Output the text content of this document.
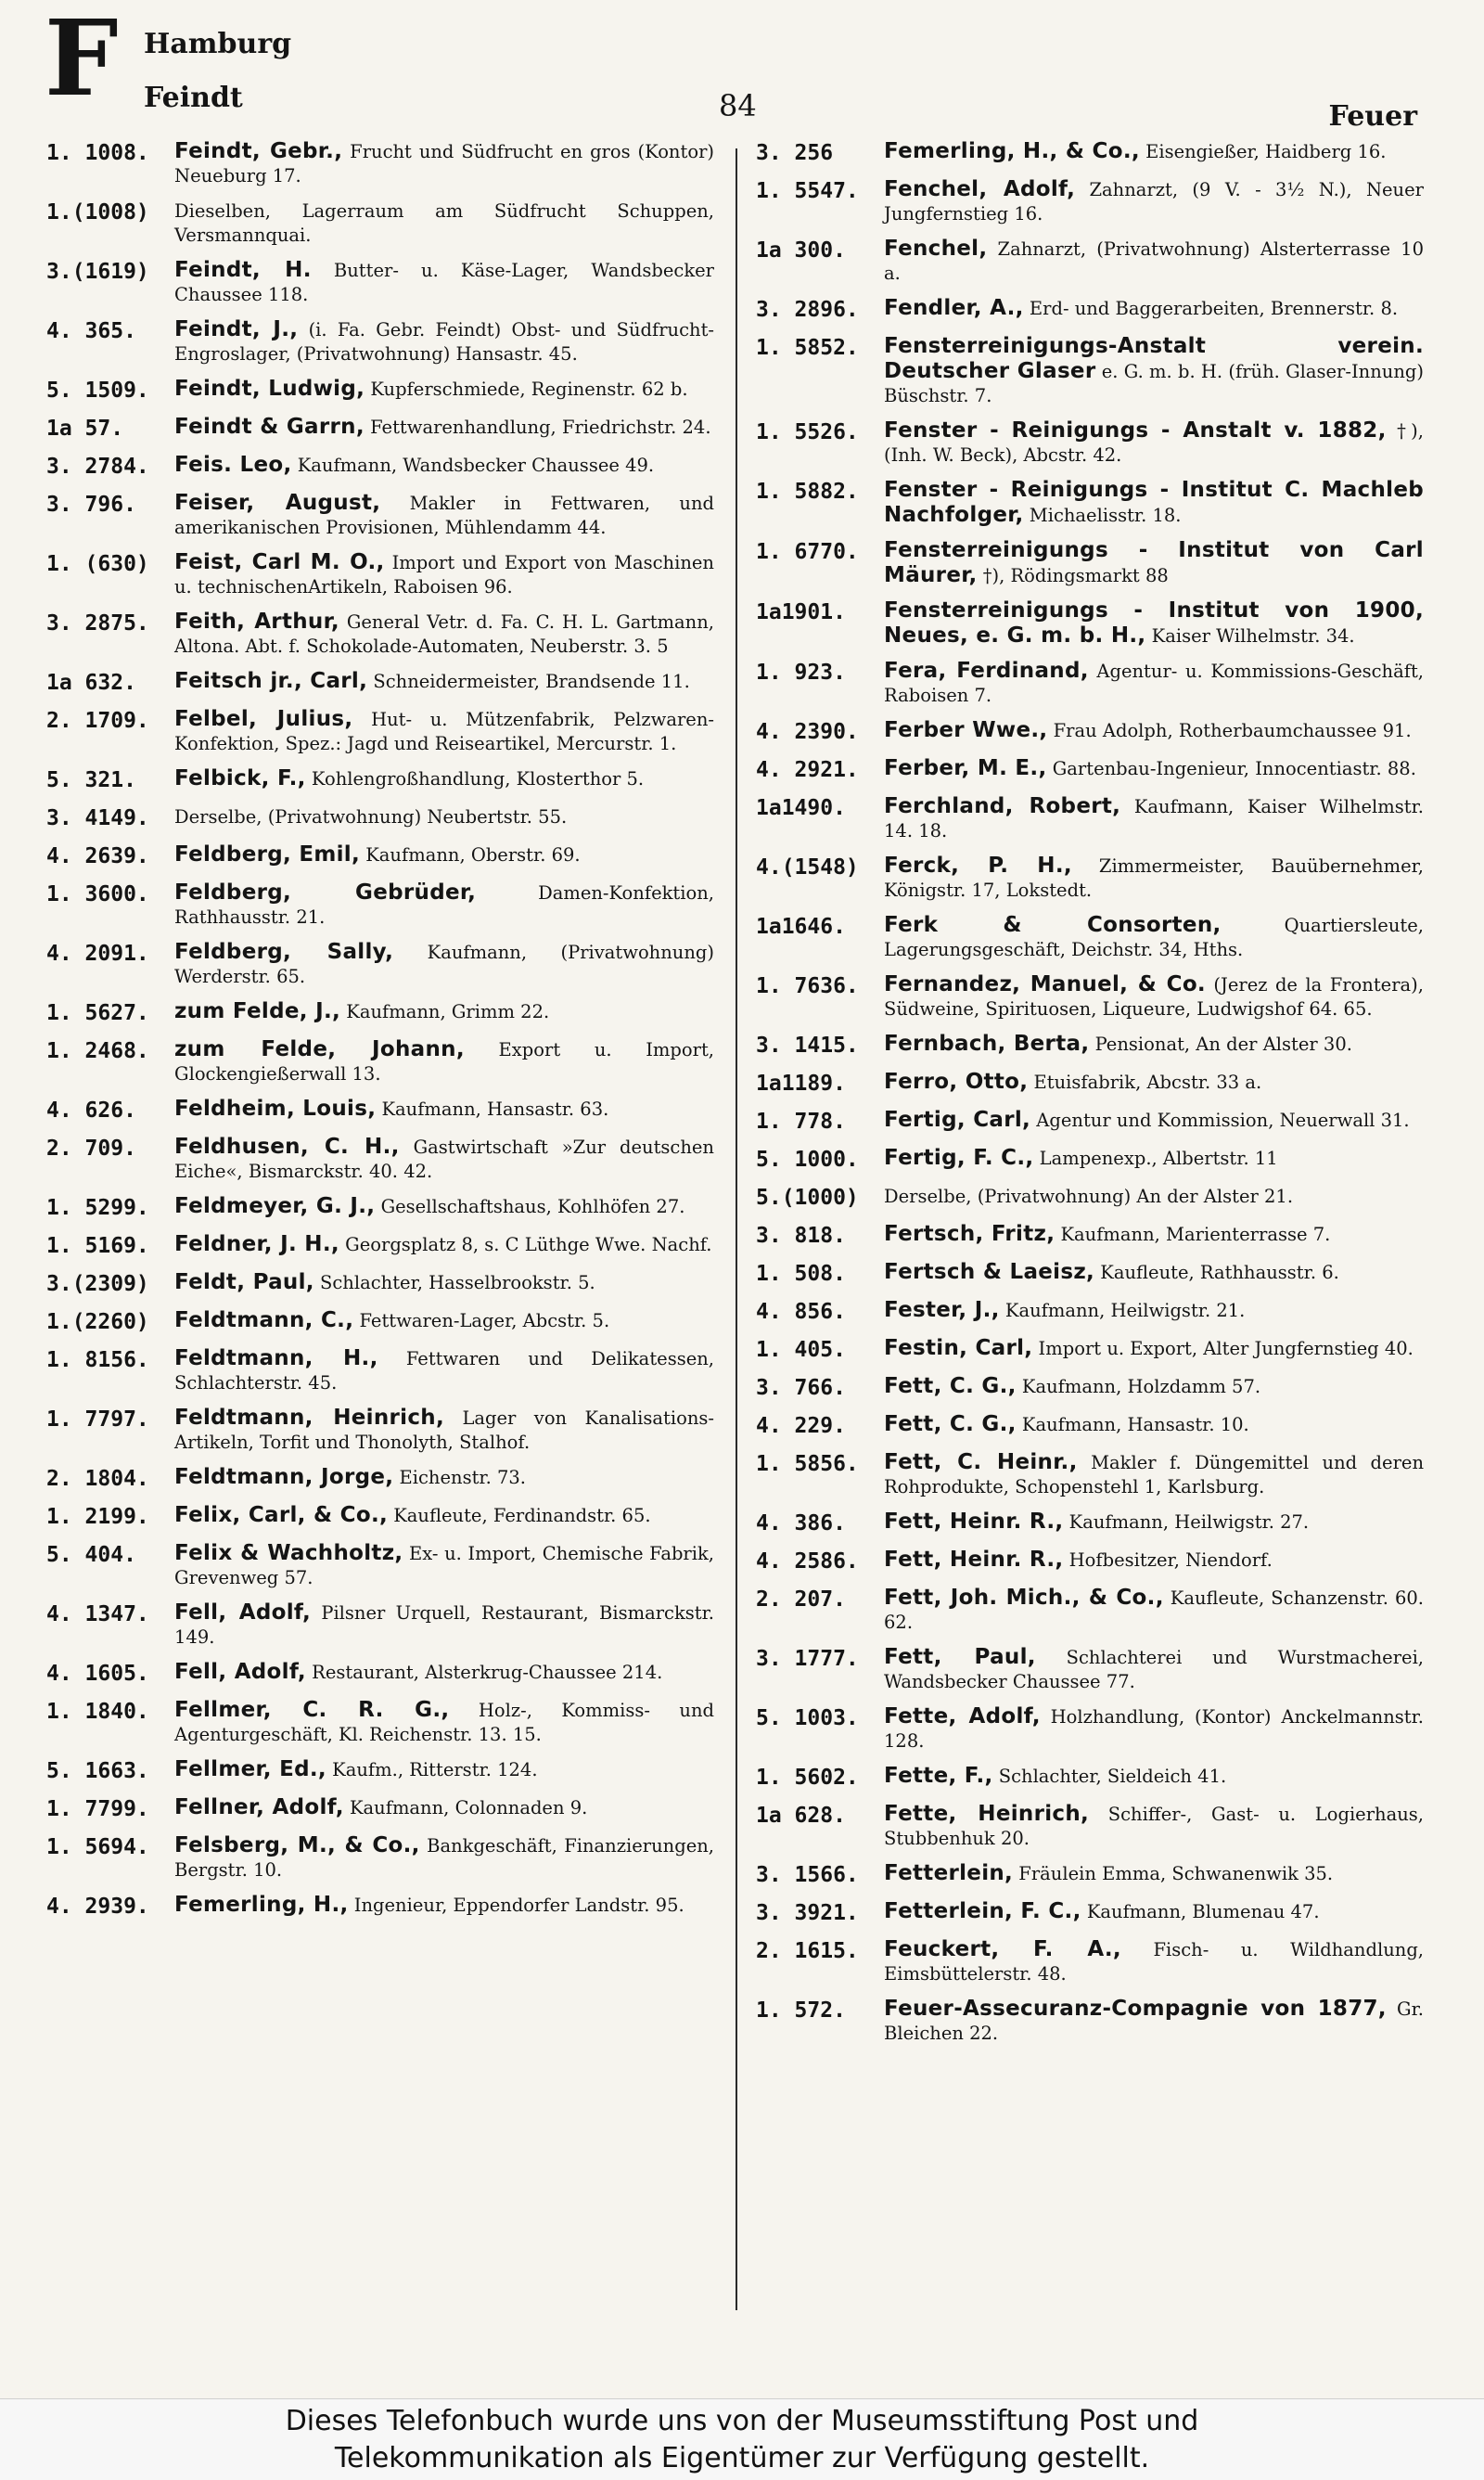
F Hamburg
Feindt	84	Feuer
1. 1008.	Feindt, Gebr., Frucht und Südfrucht en gros (Kontor) Neueburg 17.
1.(1008)	Dieselben, Lagerraum am Südfrucht Schuppen, Versmannquai.
3.(1619)	Feindt, H. Butter- u. Käse-Lager, Wandsbecker Chaussee 118.
4. 365.	Feindt, J., (i. Fa. Gebr. Feindt) Obst- und Südfrucht-Engroslager, (Privatwohnung) Hansastr. 45.
5. 1509.	Feindt, Ludwig, Kupferschmiede, Reginenstr. 62 b.
1a 57.	Feindt & Garrn, Fettwarenhandlung, Friedrichstr. 24.
3. 2784.	Feis. Leo, Kaufmann, Wandsbecker Chaussee 49.
3. 796.	Feiser, August, Makler in Fettwaren, und amerikanischen Provisionen, Mühlendamm 44.
1. (630)	Feist, Carl M. O., Import und Export von Maschinen u. technischenArtikeln, Raboisen 96.
3. 2875.	Feith, Arthur, General Vetr. d. Fa. C. H. L. Gartmann, Altona. Abt. f. Schokolade-Automaten, Neuberstr. 3. 5
1a 632.	Feitsch jr., Carl, Schneidermeister, Brandsende 11.
2. 1709.	Felbel, Julius, Hut- u. Mützenfabrik, Pelzwaren-Konfektion, Spez.: Jagd und Reiseartikel, Mercurstr. 1.
5. 321.	Felbick, F., Kohlengroßhandlung, Klosterthor 5.
3. 4149.	Derselbe, (Privatwohnung) Neubertstr. 55.
4. 2639.	Feldberg, Emil, Kaufmann, Oberstr. 69.
1. 3600.	Feldberg, Gebrüder,	Damen-Konfektion, Rathhausstr. 21.
4. 2091.	Feldberg, Sally, Kaufmann, (Privatwohnung) Werderstr. 65.
1. 5627.	zum Felde, J., Kaufmann, Grimm 22.
1. 2468.	zum Felde, Johann, Export u. Import, Glockengießerwall 13.
4. 626.	Feldheim, Louis, Kaufmann, Hansastr. 63.
2. 709.	Feldhusen, C. H., Gastwirtschaft »Zur deutschen Eiche«, Bismarckstr. 40. 42.
1. 5299.	Feldmeyer, G. J., Gesellschaftshaus, Kohlhöfen 27.
1. 5169.	Feldner, J. H., Georgsplatz 8, s. C Lüthge Wwe. Nachf.
3.(2309)	Feldt, Paul, Schlachter, Hasselbrookstr. 5.
1.(2260)	Feldtmann, C., Fettwaren-Lager, Abcstr. 5.
1. 8156.	Feldtmann, H., Fettwaren und Delikatessen, Schlachterstr. 45.
1. 7797.	Feldtmann, Heinrich, Lager von Kanalisations-Artikeln, Torfit und Thonolyth, Stalhof.
2. 1804.	Feldtmann, Jorge, Eichenstr. 73.
1. 2199.	Felix, Carl, & Co., Kaufleute, Ferdinandstr. 65.
5. 404.	Felix & Wachholtz, Ex- u. Import, Chemische Fabrik, Grevenweg 57.
4. 1347.	Fell, Adolf, Pilsner Urquell, Restaurant, Bismarckstr. 149.
4. 1605.	Fell, Adolf, Restaurant, Alsterkrug-Chaussee 214.
1. 1840.	Fellmer, C. R. G., Holz-, Kommiss- und Agenturgeschäft, Kl. Reichenstr. 13. 15.
5. 1663.	Fellmer, Ed., Kaufm., Ritterstr. 124.
1. 7799.	Fellner, Adolf, Kaufmann, Colonnaden 9.
1. 5694.	Felsberg, M., & Co., Bankgeschäft, Finanzierungen, Bergstr. 10.
4. 2939.	Femerling, H., Ingenieur, Eppendorfer Landstr. 95.
3. 256	Femerling, H., & Co., Eisengießer, Haidberg 16.
1. 5547.	Fenchel, Adolf, Zahnarzt, (9 V. - 3½ N.), Neuer Jungfernstieg 16.
1a 300.	Fenchel, Zahnarzt, (Privatwohnung) Alsterterrasse 10 a.
3. 2896.	Fendler, A., Erd- und Baggerarbeiten, Brennerstr. 8.
1. 5852.	Fensterreinigungs-Anstalt verein. Deutscher Glaser e. G. m. b. H. (früh. Glaser-Innung) Büschstr. 7.
1. 5526.	Fenster - Reinigungs - Anstalt v. 1882, †), (Inh. W. Beck), Abcstr. 42.
1. 5882.	Fenster - Reinigungs - Institut C. Machleb Nachfolger, Michaelisstr. 18.
1. 6770.	Fensterreinigungs - Institut von Carl Mäurer, †), Rödingsmarkt 88
1a1901.	Fensterreinigungs - Institut von 1900, Neues, e. G. m. b. H., Kaiser Wilhelmstr. 34.
1. 923.	Fera, Ferdinand, Agentur- u. Kommissions-Geschäft, Raboisen 7.
4. 2390.	Ferber Wwe., Frau Adolph, Rotherbaumchaussee 91.
4. 2921.	Ferber, M. E., Gartenbau-Ingenieur, Innocentiastr. 88.
1a1490.	Ferchland, Robert, Kaufmann, Kaiser Wilhelmstr. 14. 18.
4.(1548)	Ferck, P. H., Zimmermeister, Bauübernehmer, Königstr. 17, Lokstedt.
1a1646.	Ferk & Consorten,	Quartiersleute, Lagerungsgeschäft, Deichstr. 34, Hths.
1. 7636.	Fernandez, Manuel, & Co. (Jerez de la Frontera), Südweine, Spirituosen, Liqueure, Ludwigshof 64. 65.
3. 1415.	Fernbach, Berta, Pensionat, An der Alster 30.
1a1189.	Ferro, Otto, Etuisfabrik, Abcstr. 33 a.
1. 778.	Fertig, Carl, Agentur und Kommission, Neuerwall 31.
5. 1000.	Fertig, F. C., Lampenexp., Albertstr. 11
5.(1000)	Derselbe, (Privatwohnung) An der Alster 21.
3. 818.	Fertsch, Fritz, Kaufmann, Marienterrasse 7.
1. 508.	Fertsch & Laeisz, Kaufleute, Rathhausstr. 6.
4. 856.	Fester, J., Kaufmann, Heilwigstr. 21.
1. 405.	Festin, Carl, Import u. Export, Alter Jungfernstieg 40.
3. 766.	Fett, C. G., Kaufmann, Holzdamm 57.
4. 229.	Fett, C. G., Kaufmann, Hansastr. 10.
1. 5856.	Fett, C. Heinr., Makler f. Düngemittel und deren Rohprodukte, Schopenstehl 1, Karlsburg.
4. 386.	Fett, Heinr. R., Kaufmann, Heilwigstr. 27.
4. 2586.	Fett, Heinr. R., Hofbesitzer, Niendorf.
2. 207.	Fett, Joh. Mich., & Co., Kaufleute, Schanzenstr. 60. 62.
3. 1777.	Fett, Paul, Schlachterei und Wurstmacherei, Wandsbecker Chaussee 77.
5. 1003.	Fette, Adolf, Holzhandlung, (Kontor) Anckelmannstr. 128.
1. 5602.	Fette, F., Schlachter, Sieldeich 41.
1a 628.	Fette, Heinrich, Schiffer-, Gast- u. Logierhaus, Stubbenhuk 20.
3. 1566.	Fetterlein, Fräulein Emma, Schwanenwik 35.
3. 3921.	Fetterlein, F. C., Kaufmann, Blumenau 47.
2. 1615.	Feuckert, F. A., Fisch- u. Wildhandlung, Eimsbüttelerstr. 48.
1. 572.	Feuer-Assecuranz-Compagnie von 1877, Gr. Bleichen 22.
Dieses Telefonbuch wurde uns von der Museumsstiftung Post und
Telekommunikation als Eigentümer zur Verfügung gestellt.
